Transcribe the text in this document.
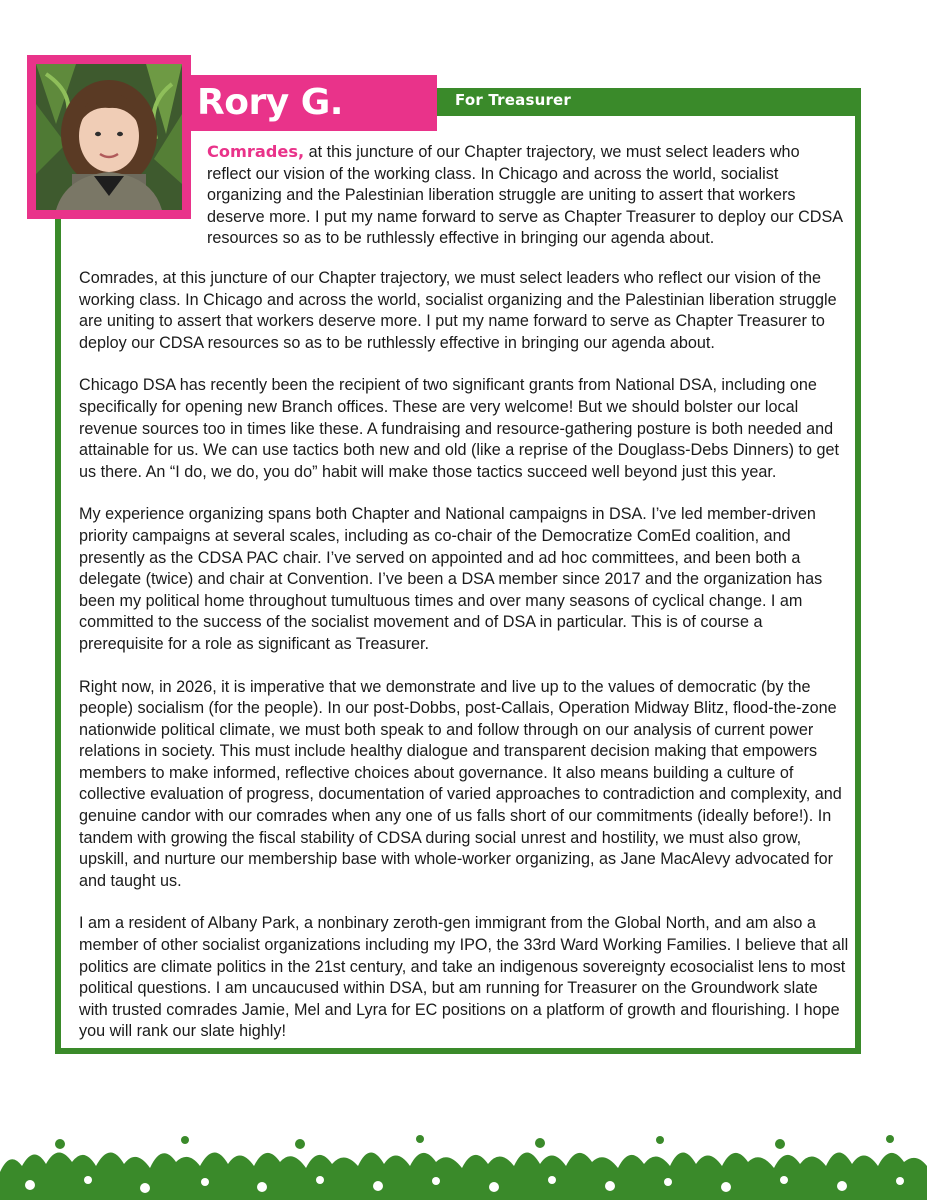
For Treasurer
Rory G.

Comrades, at this juncture of our Chapter trajectory, we must select leaders who reflect our vision of the working class. In Chicago and across the world, socialist organizing and the Palestinian liberation struggle are uniting to assert that workers deserve more. I put my name forward to serve as Chapter Treasurer to deploy our CDSA resources so as to be ruthlessly effective in bringing our agenda about.

Comrades, at this juncture of our Chapter trajectory, we must select leaders who reflect our vision of the working class. In Chicago and across the world, socialist organizing and the Palestinian liberation struggle are uniting to assert that workers deserve more. I put my name forward to serve as Chapter Treasurer to deploy our CDSA resources so as to be ruthlessly effective in bringing our agenda about.

Chicago DSA has recently been the recipient of two significant grants from National DSA, including one specifically for opening new Branch offices. These are very welcome! But we should bolster our local revenue sources too in times like these. A fundraising and resource-gathering posture is both needed and attainable for us. We can use tactics both new and old (like a reprise of the Douglass-Debs Dinners) to get us there. An “I do, we do, you do” habit will make those tactics succeed well beyond just this year.

My experience organizing spans both Chapter and National campaigns in DSA. I’ve led member-driven priority campaigns at several scales, including as co-chair of the Democratize ComEd coalition, and presently as the CDSA PAC chair. I’ve served on appointed and ad hoc committees, and been both a delegate (twice) and chair at Convention. I’ve been a DSA member since 2017 and the organization has been my political home throughout tumultuous times and over many seasons of cyclical change. I am committed to the success of the socialist movement and of DSA in particular. This is of course a prerequisite for a role as significant as Treasurer.

Right now, in 2026, it is imperative that we demonstrate and live up to the values of democratic (by the people) socialism (for the people). In our post-Dobbs, post-Callais, Operation Midway Blitz, flood-the-zone nationwide political climate, we must both speak to and follow through on our analysis of current power relations in society. This must include healthy dialogue and transparent decision making that empowers members to make informed, reflective choices about governance. It also means building a culture of collective evaluation of progress, documentation of varied approaches to contradiction and complexity, and genuine candor with our comrades when any one of us falls short of our commitments (ideally before!). In tandem with growing the fiscal stability of CDSA during social unrest and hostility, we must also grow, upskill, and nurture our membership base with whole-worker organizing, as Jane MacAlevy advocated for and taught us.

I am a resident of Albany Park, a nonbinary zeroth-gen immigrant from the Global North, and am also a member of other socialist organizations including my IPO, the 33rd Ward Working Families. I believe that all politics are climate politics in the 21st century, and take an indigenous sovereignty ecosocialist lens to most political questions. I am uncaucused within DSA, but am running for Treasurer on the Groundwork slate with trusted comrades Jamie, Mel and Lyra for EC positions on a platform of growth and flourishing. I hope you will rank our slate highly!
